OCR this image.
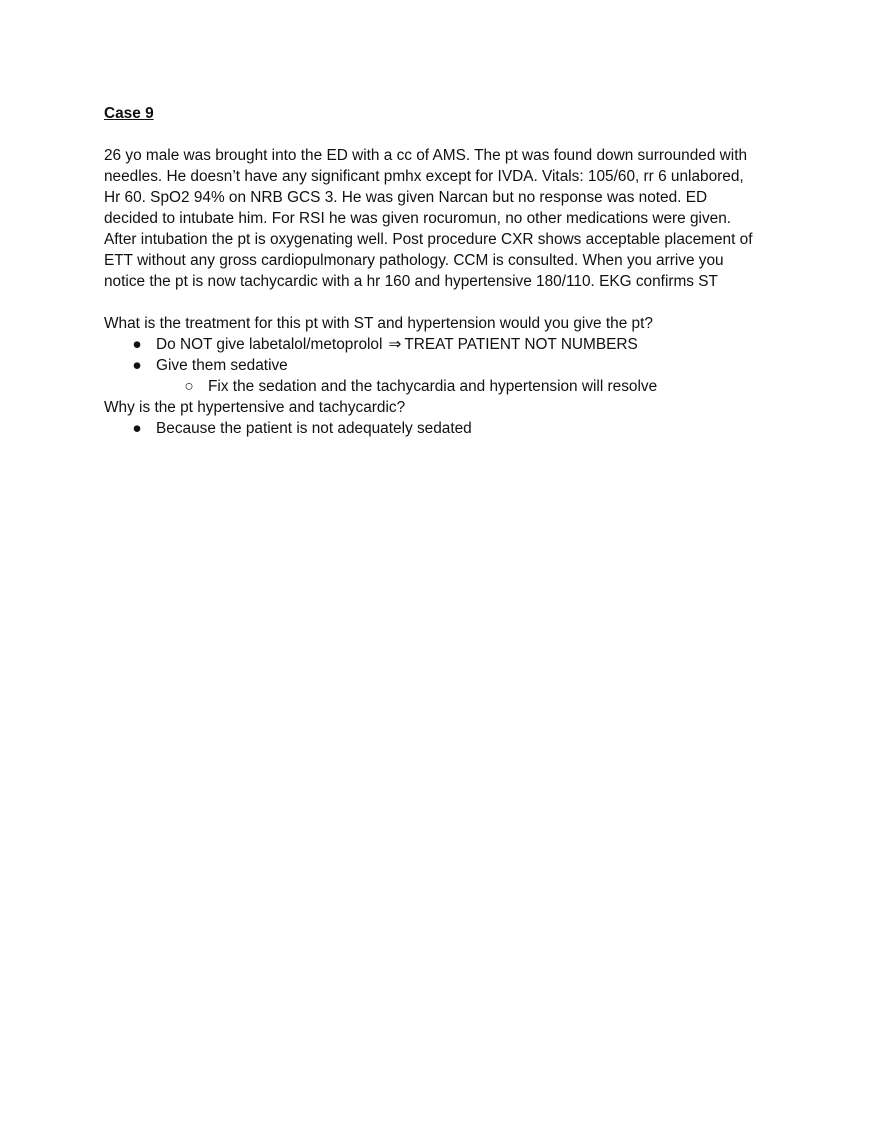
Case 9

26 yo male was brought into the ED with a cc of AMS. The pt was found down surrounded with

needles. He doesn’t have any significant pmhx except for IVDA. Vitals: 105/60, rr 6 unlabored,

Hr 60. SpO2 94% on NRB GCS 3. He was given Narcan but no response was noted. ED

decided to intubate him. For RSI he was given rocuromun, no other medications were given.

After intubation the pt is oxygenating well. Post procedure CXR shows acceptable placement of

ETT without any gross cardiopulmonary pathology. CCM is consulted. When you arrive you

notice the pt is now tachycardic with a hr 160 and hypertensive 180/110. EKG confirms ST

What is the treatment for this pt with ST and hypertension would you give the pt?

● Do NOT give labetalol/metoprolol ⇒ TREAT PATIENT NOT NUMBERS
● Give them sedative
○ Fix the sedation and the tachycardia and hypertension will resolve

Why is the pt hypertensive and tachycardic?

● Because the patient is not adequately sedated
